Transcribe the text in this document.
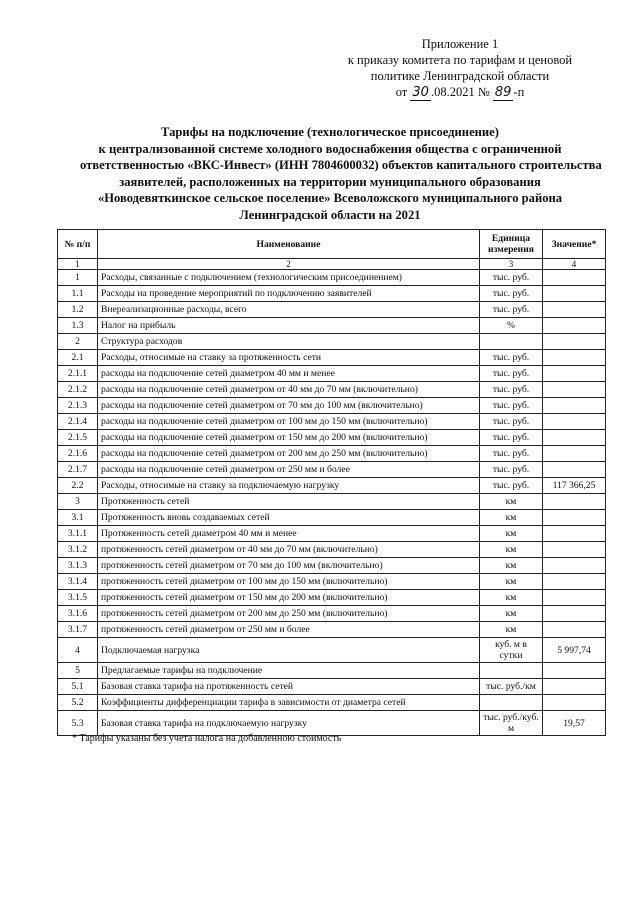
Приложение 1
к приказу комитета по тарифам и ценовой
политике Ленинградской области
от 30 .08.2021 № 89 -п
Тарифы на подключение (технологическое присоединение)
к централизованной системе холодного водоснабжения общества с ограниченной
ответственностью «ВКС-Инвест» (ИНН 7804600032) объектов капитального строительства
заявителей, расположенных на территории муниципального образования
«Новодевяткинское сельское поселение» Всеволожского муниципального района
Ленинградской области на 2021
№ п/п	Наименование	Единица измерения	Значение*
1	2	3	4
1	Расходы, связанные с подключением (технологическим присоединением)	тыс. руб.	
1.1	Расходы на проведение мероприятий по подключению заявителей	тыс. руб.	
1.2	Внереализационные расходы, всего	тыс. руб.	
1.3	Налог на прибыль	%	
2	Структура расходов		
2.1	Расходы, относимые на ставку за протяженность сети	тыс. руб.	
2.1.1	расходы на подключение сетей диаметром 40 мм и менее	тыс. руб.	
2.1.2	расходы на подключение сетей диаметром от 40 мм до 70 мм (включительно)	тыс. руб.	
2.1.3	расходы на подключение сетей диаметром от 70 мм до 100 мм (включительно)	тыс. руб.	
2.1.4	расходы на подключение сетей диаметром от 100 мм до 150 мм (включительно)	тыс. руб.	
2.1.5	расходы на подключение сетей диаметром от 150 мм до 200 мм (включительно)	тыс. руб.	
2.1.6	расходы на подключение сетей диаметром от 200 мм до 250 мм (включительно)	тыс. руб.	
2.1.7	расходы на подключение сетей диаметром от 250 мм и более	тыс. руб.	
2.2	Расходы, относимые на ставку за подключаемую нагрузку	тыс. руб.	117 366,25
3	Протяженность сетей	км	
3.1	Протяженность вновь создаваемых сетей	км	
3.1.1	Протяженность сетей диаметром 40 мм и менее	км	
3.1.2	протяженность сетей диаметром от 40 мм до 70 мм (включительно)	км	
3.1.3	протяженность сетей диаметром от 70 мм до 100 мм (включительно)	км	
3.1.4	протяженность сетей диаметром от 100 мм до 150 мм (включительно)	км	
3.1.5	протяженность сетей диаметром от 150 мм до 200 мм (включительно)	км	
3.1.6	протяженность сетей диаметром от 200 мм до 250 мм (включительно)	км	
3.1.7	протяженность сетей диаметром от 250 мм и более	км	
4	Подключаемая нагрузка	куб. м в сутки	5 997,74
5	Предлагаемые тарифы на подключение		
5.1	Базовая ставка тарифа на протяженность сетей	тыс. руб./км	
5.2	Коэффициенты дифференциации тарифа в зависимости от диаметра сетей		
5.3	Базовая ставка тарифа на подключаемую нагрузку	тыс. руб./куб. м	19,57
* Тарифы указаны без учета налога на добавленною стоимость
